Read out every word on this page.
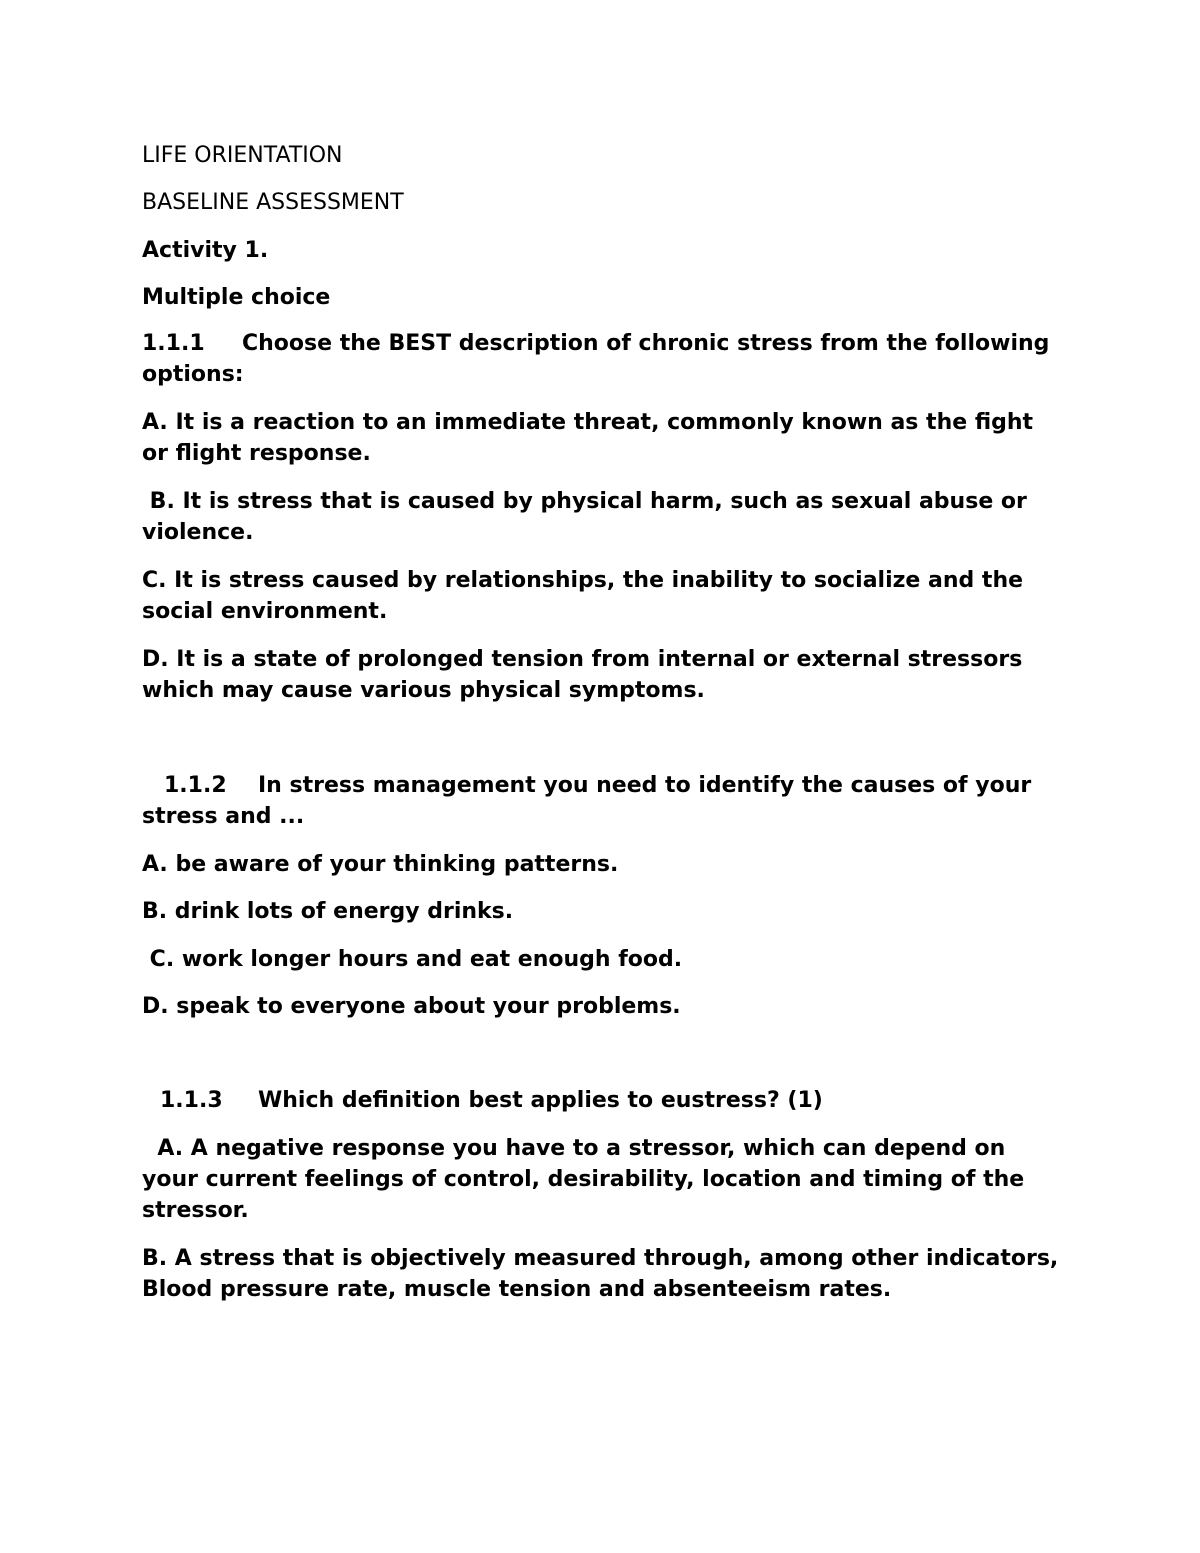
LIFE ORIENTATION

BASELINE ASSESSMENT

Activity 1.

Multiple choice

1.1.1 Choose the BEST description of chronic stress from the following options:

A. It is a reaction to an immediate threat, commonly known as the fight or flight response.

B. It is stress that is caused by physical harm, such as sexual abuse or violence.

C. It is stress caused by relationships, the inability to socialize and the social environment.

D. It is a state of prolonged tension from internal or external stressors which may cause various physical symptoms.

1.1.2 In stress management you need to identify the causes of your stress and ...

A. be aware of your thinking patterns.

B. drink lots of energy drinks.

C. work longer hours and eat enough food.

D. speak to everyone about your problems.

1.1.3 Which definition best applies to eustress? (1)

A. A negative response you have to a stressor, which can depend on your current feelings of control, desirability, location and timing of the stressor.

B. A stress that is objectively measured through, among other indicators, Blood pressure rate, muscle tension and absenteeism rates.
